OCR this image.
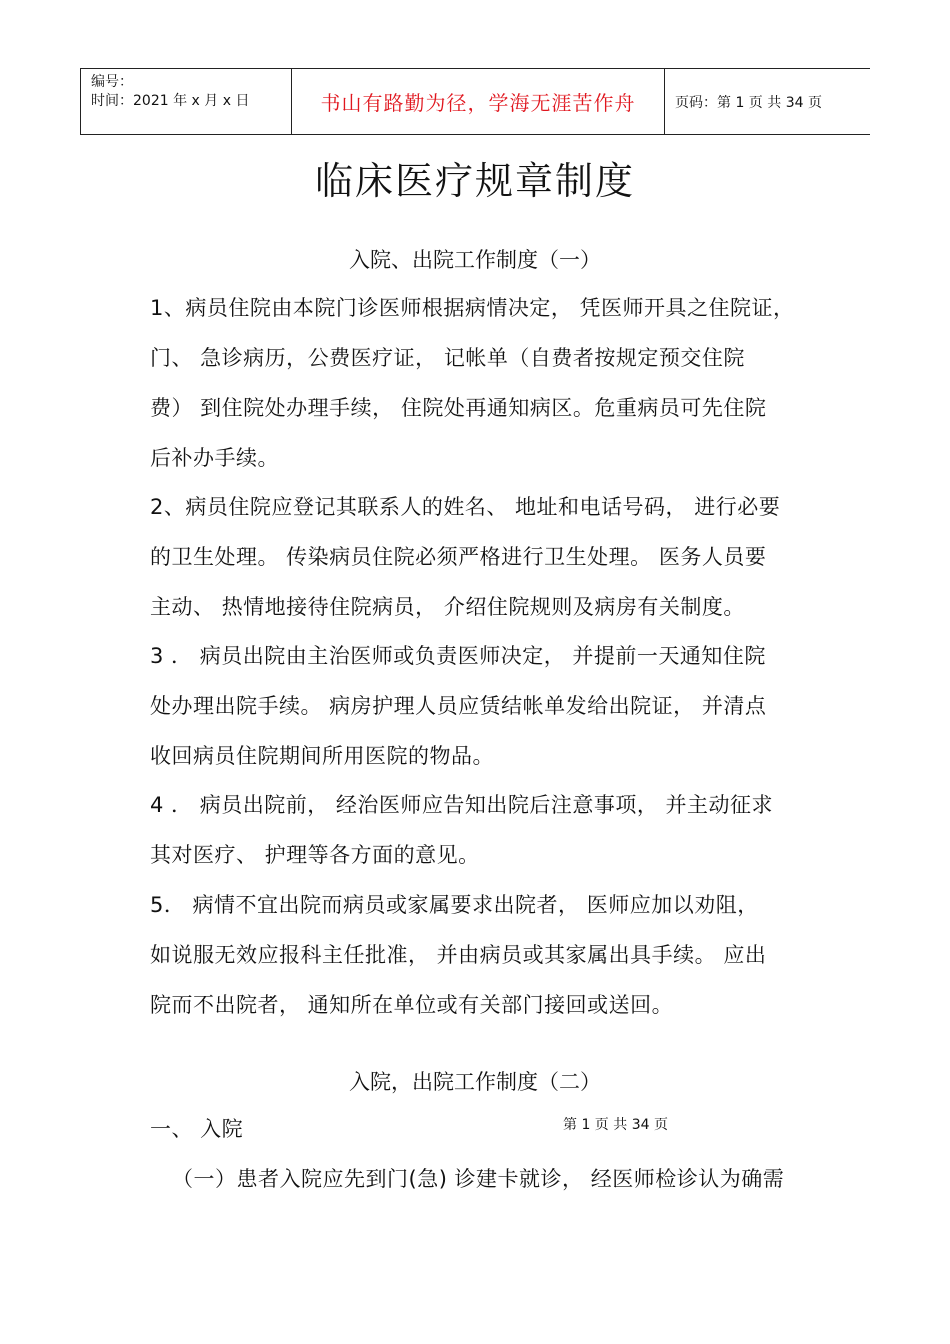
编号：
时间：2021 年 x 月 x 日	书山有路勤为径，学海无涯苦作舟	页码：第 1 页 共 34 页
临床医疗规章制度
入院、出院工作制度（一）
1、病员住院由本院门诊医师根据病情决定， 凭医师开具之住院证，
门、 急诊病历，公费医疗证， 记帐单（自费者按规定预交住院
费） 到住院处办理手续， 住院处再通知病区。危重病员可先住院
后补办手续。
2、病员住院应登记其联系人的姓名、 地址和电话号码， 进行必要
的卫生处理。 传染病员住院必须严格进行卫生处理。 医务人员要
主动、 热情地接待住院病员， 介绍住院规则及病房有关制度。
3 ． 病员出院由主治医师或负责医师决定， 并提前一天通知住院
处办理出院手续。 病房护理人员应赁结帐单发给出院证， 并清点
收回病员住院期间所用医院的物品。
4 ． 病员出院前， 经治医师应告知出院后注意事项， 并主动征求
其对医疗、 护理等各方面的意见。
5． 病情不宜出院而病员或家属要求出院者， 医师应加以劝阻，
如说服无效应报科主任批准， 并由病员或其家属出具手续。 应出
院而不出院者， 通知所在单位或有关部门接回或送回。
入院，出院工作制度（二）
一、 入院	第 1 页 共 34 页
（一）患者入院应先到门(急) 诊建卡就诊， 经医师检诊认为确需
